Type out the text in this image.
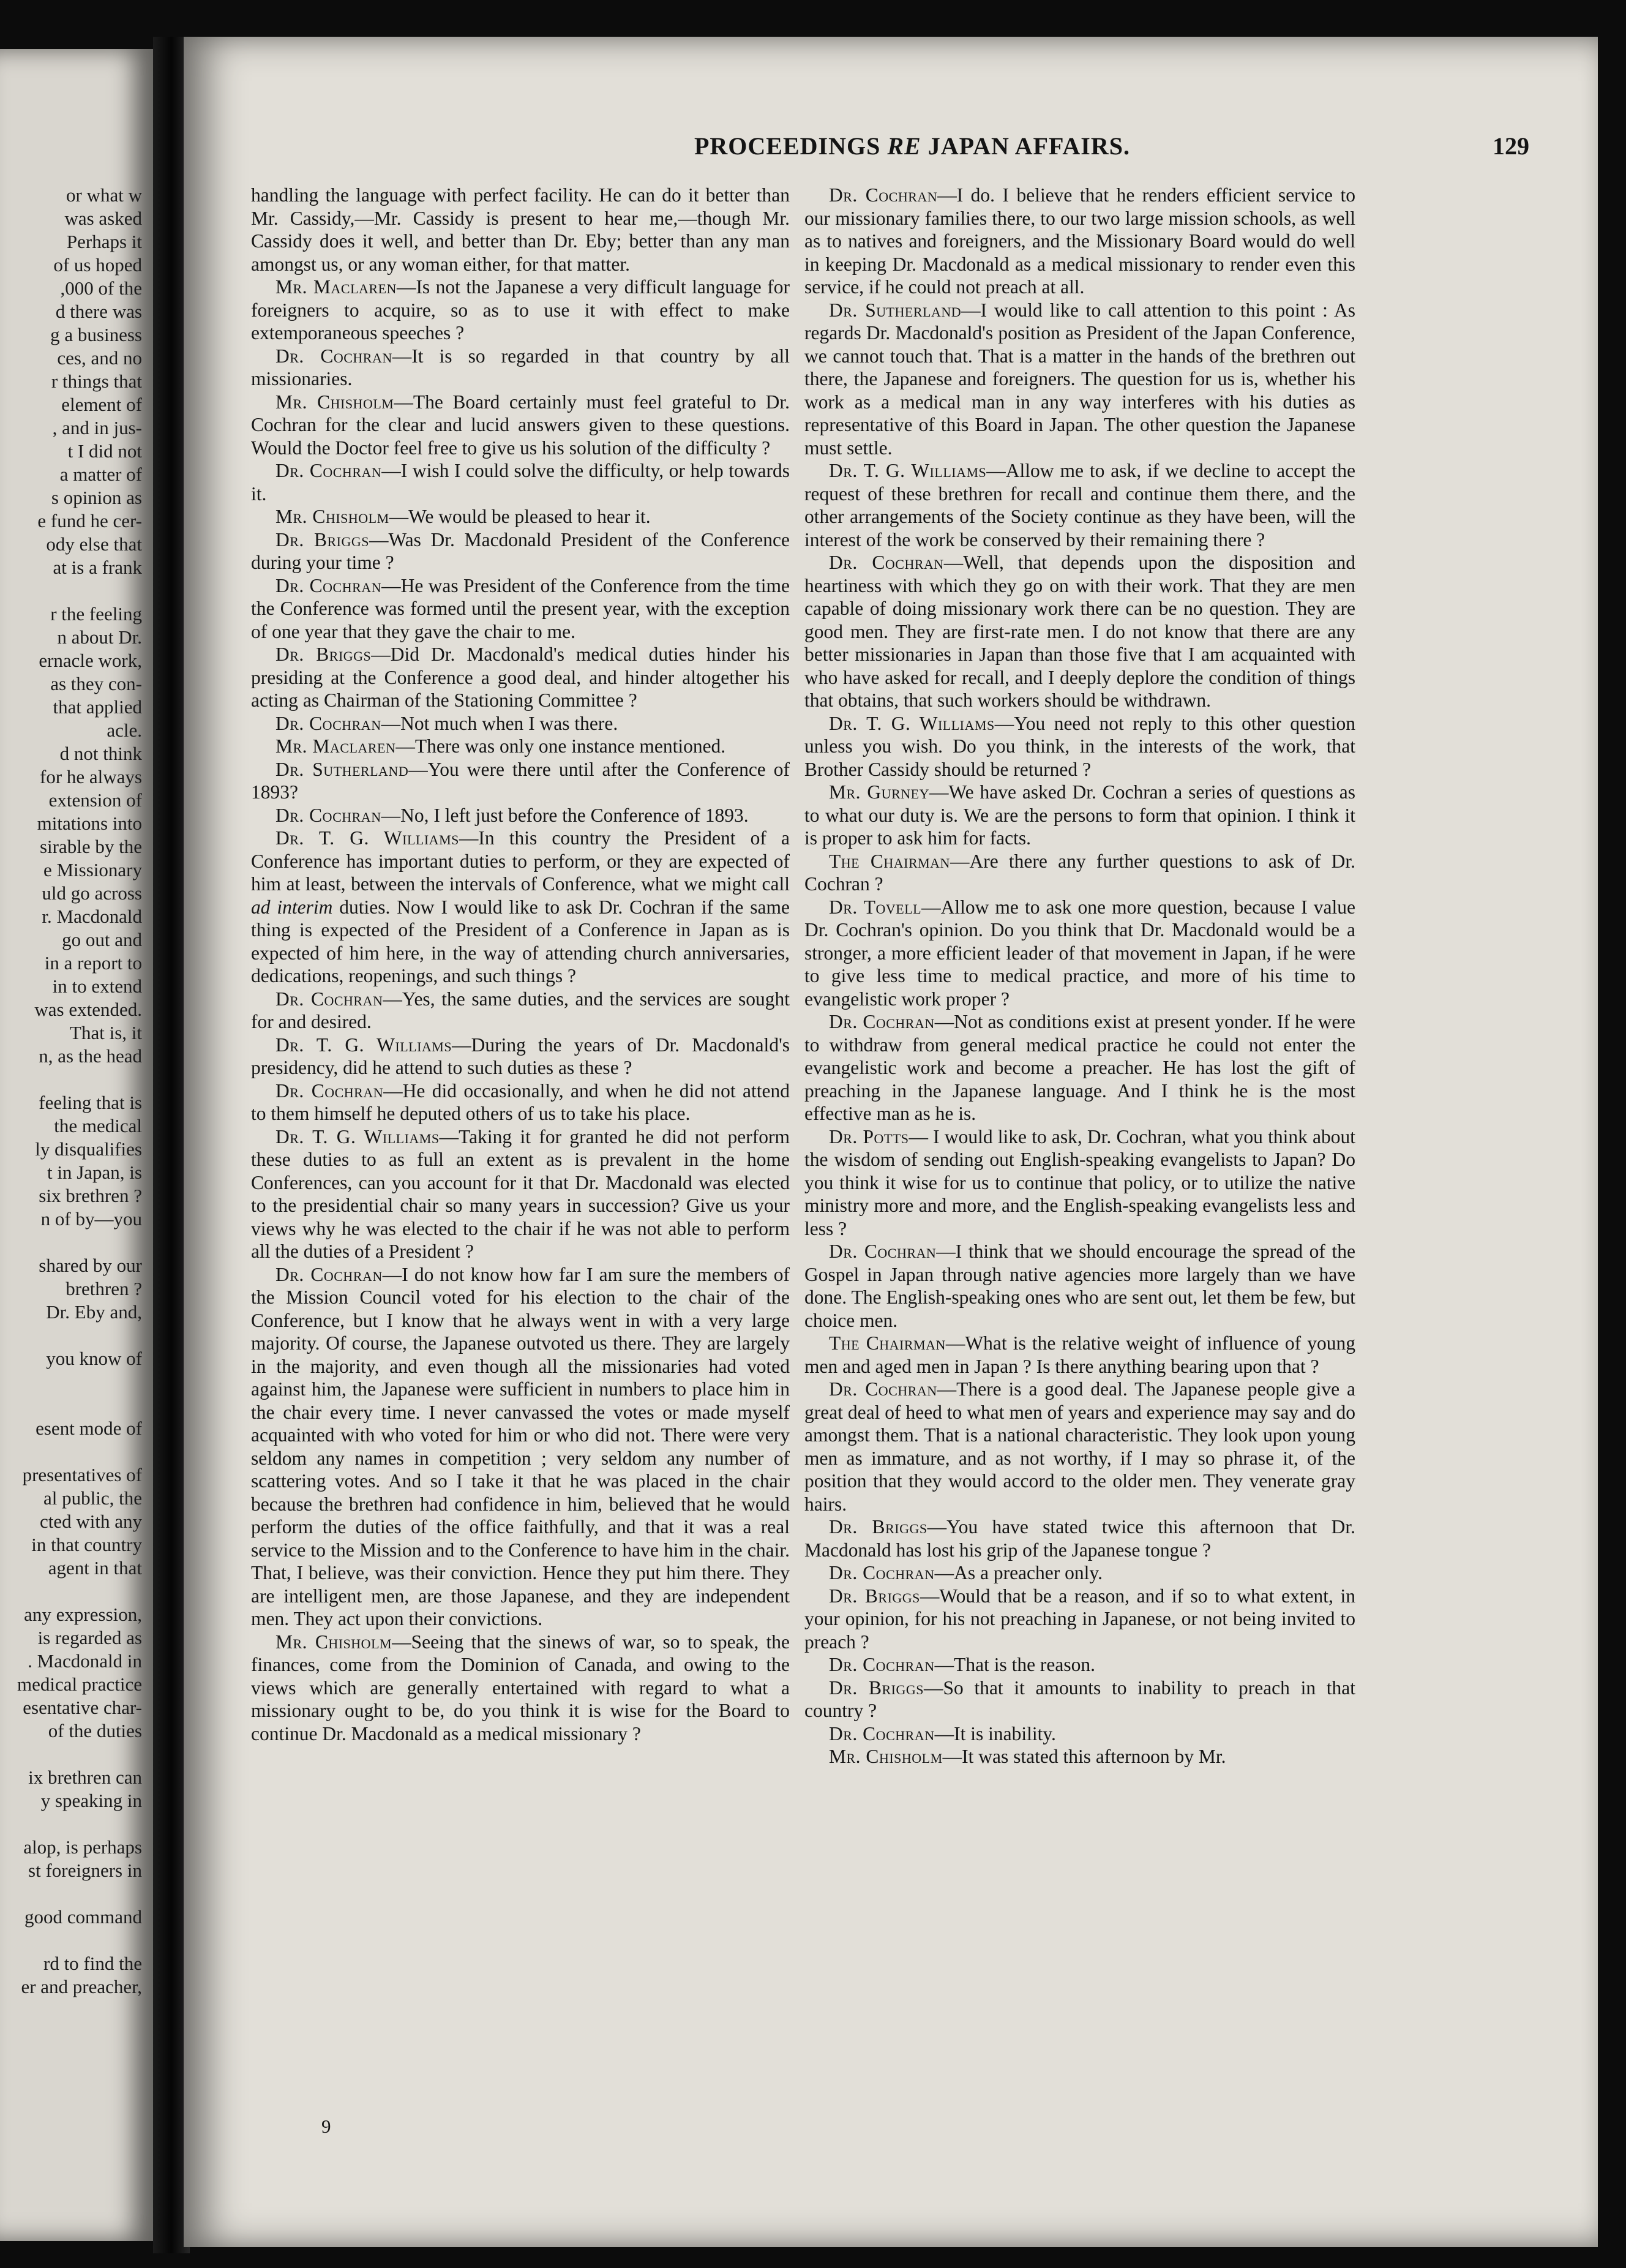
or what w
was asked
Perhaps it
of us hoped
,000 of the
d there was
g a business
ces, and no
r things that
element of
, and in jus-
t I did not
a matter of
s opinion as
e fund he cer-
ody else that
at is a frank

r the feeling
n about Dr.
ernacle work,
as they con-
that applied
acle.
d not think
for he always
extension of
mitations into
sirable by the
e Missionary
uld go across
r. Macdonald
go out and
in a report to
in to extend
was extended.
That is, it
n, as the head

feeling that is
the medical
ly disqualifies
t in Japan, is
six brethren ?
n of by—you

shared by our
brethren ?
Dr. Eby and,

you know of

esent mode of

presentatives of
al public, the
cted with any
in that country
agent in that

any expression,
is regarded as
. Macdonald in
medical practice
esentative char-
of the duties

ix brethren can
y speaking in

alop, is perhaps
st foreigners in

good command

rd to find the
er and preacher,
PROCEEDINGS RE JAPAN AFFAIRS.	129

handling the language with perfect facility. He can do it better than Mr. Cassidy,—Mr. Cassidy is present to hear me,—though Mr. Cassidy does it well, and better than Dr. Eby; better than any man amongst us, or any woman either, for that matter.

Mr. Maclaren—Is not the Japanese a very difficult language for foreigners to acquire, so as to use it with effect to make extemporaneous speeches ?

Dr. Cochran—It is so regarded in that country by all missionaries.

Mr. Chisholm—The Board certainly must feel grateful to Dr. Cochran for the clear and lucid answers given to these questions. Would the Doctor feel free to give us his solution of the difficulty ?

Dr. Cochran—I wish I could solve the difficulty, or help towards it.

Mr. Chisholm—We would be pleased to hear it.

Dr. Briggs—Was Dr. Macdonald President of the Conference during your time ?

Dr. Cochran—He was President of the Conference from the time the Conference was formed until the present year, with the exception of one year that they gave the chair to me.

Dr. Briggs—Did Dr. Macdonald's medical duties hinder his presiding at the Conference a good deal, and hinder altogether his acting as Chairman of the Stationing Committee ?

Dr. Cochran—Not much when I was there.

Mr. Maclaren—There was only one instance mentioned.

Dr. Sutherland—You were there until after the Conference of 1893?

Dr. Cochran—No, I left just before the Conference of 1893.

Dr. T. G. Williams—In this country the President of a Conference has important duties to perform, or they are expected of him at least, between the intervals of Conference, what we might call ad interim duties. Now I would like to ask Dr. Cochran if the same thing is expected of the President of a Conference in Japan as is expected of him here, in the way of attending church anniversaries, dedications, reopenings, and such things ?

Dr. Cochran—Yes, the same duties, and the services are sought for and desired.

Dr. T. G. Williams—During the years of Dr. Macdonald's presidency, did he attend to such duties as these ?

Dr. Cochran—He did occasionally, and when he did not attend to them himself he deputed others of us to take his place.

Dr. T. G. Williams—Taking it for granted he did not perform these duties to as full an extent as is prevalent in the home Conferences, can you account for it that Dr. Macdonald was elected to the presidential chair so many years in succession? Give us your views why he was elected to the chair if he was not able to perform all the duties of a President ?

Dr. Cochran—I do not know how far I am sure the members of the Mission Council voted for his election to the chair of the Conference, but I know that he always went in with a very large majority. Of course, the Japanese outvoted us there. They are largely in the majority, and even though all the missionaries had voted against him, the Japanese were sufficient in numbers to place him in the chair every time. I never canvassed the votes or made myself acquainted with who voted for him or who did not. There were very seldom any names in competition ; very seldom any number of scattering votes. And so I take it that he was placed in the chair because the brethren had confidence in him, believed that he would perform the duties of the office faithfully, and that it was a real service to the Mission and to the Conference to have him in the chair. That, I believe, was their conviction. Hence they put him there. They are intelligent men, are those Japanese, and they are independent men. They act upon their convictions.

Mr. Chisholm—Seeing that the sinews of war, so to speak, the finances, come from the Dominion of Canada, and owing to the views which are generally entertained with regard to what a missionary ought to be, do you think it is wise for the Board to continue Dr. Macdonald as a medical missionary ?

Dr. Cochran—I do. I believe that he renders efficient service to our missionary families there, to our two large mission schools, as well as to natives and foreigners, and the Missionary Board would do well in keeping Dr. Macdonald as a medical missionary to render even this service, if he could not preach at all.

Dr. Sutherland—I would like to call attention to this point : As regards Dr. Macdonald's position as President of the Japan Conference, we cannot touch that. That is a matter in the hands of the brethren out there, the Japanese and foreigners. The question for us is, whether his work as a medical man in any way interferes with his duties as representative of this Board in Japan. The other question the Japanese must settle.

Dr. T. G. Williams—Allow me to ask, if we decline to accept the request of these brethren for recall and continue them there, and the other arrangements of the Society continue as they have been, will the interest of the work be conserved by their remaining there ?

Dr. Cochran—Well, that depends upon the disposition and heartiness with which they go on with their work. That they are men capable of doing missionary work there can be no question. They are good men. They are first-rate men. I do not know that there are any better missionaries in Japan than those five that I am acquainted with who have asked for recall, and I deeply deplore the condition of things that obtains, that such workers should be withdrawn.

Dr. T. G. Williams—You need not reply to this other question unless you wish. Do you think, in the interests of the work, that Brother Cassidy should be returned ?

Mr. Gurney—We have asked Dr. Cochran a series of questions as to what our duty is. We are the persons to form that opinion. I think it is proper to ask him for facts.

The Chairman—Are there any further questions to ask of Dr. Cochran ?

Dr. Tovell—Allow me to ask one more question, because I value Dr. Cochran's opinion. Do you think that Dr. Macdonald would be a stronger, a more efficient leader of that movement in Japan, if he were to give less time to medical practice, and more of his time to evangelistic work proper ?

Dr. Cochran—Not as conditions exist at present yonder. If he were to withdraw from general medical practice he could not enter the evangelistic work and become a preacher. He has lost the gift of preaching in the Japanese language. And I think he is the most effective man as he is.

Dr. Potts— I would like to ask, Dr. Cochran, what you think about the wisdom of sending out English-speaking evangelists to Japan? Do you think it wise for us to continue that policy, or to utilize the native ministry more and more, and the English-speaking evangelists less and less ?

Dr. Cochran—I think that we should encourage the spread of the Gospel in Japan through native agencies more largely than we have done. The English-speaking ones who are sent out, let them be few, but choice men.

The Chairman—What is the relative weight of influence of young men and aged men in Japan ? Is there anything bearing upon that ?

Dr. Cochran—There is a good deal. The Japanese people give a great deal of heed to what men of years and experience may say and do amongst them. That is a national characteristic. They look upon young men as immature, and as not worthy, if I may so phrase it, of the position that they would accord to the older men. They venerate gray hairs.

Dr. Briggs—You have stated twice this afternoon that Dr. Macdonald has lost his grip of the Japanese tongue ?

Dr. Cochran—As a preacher only.

Dr. Briggs—Would that be a reason, and if so to what extent, in your opinion, for his not preaching in Japanese, or not being invited to preach ?

Dr. Cochran—That is the reason.

Dr. Briggs—So that it amounts to inability to preach in that country ?

Dr. Cochran—It is inability.

Mr. Chisholm—It was stated this afternoon by Mr.

9
